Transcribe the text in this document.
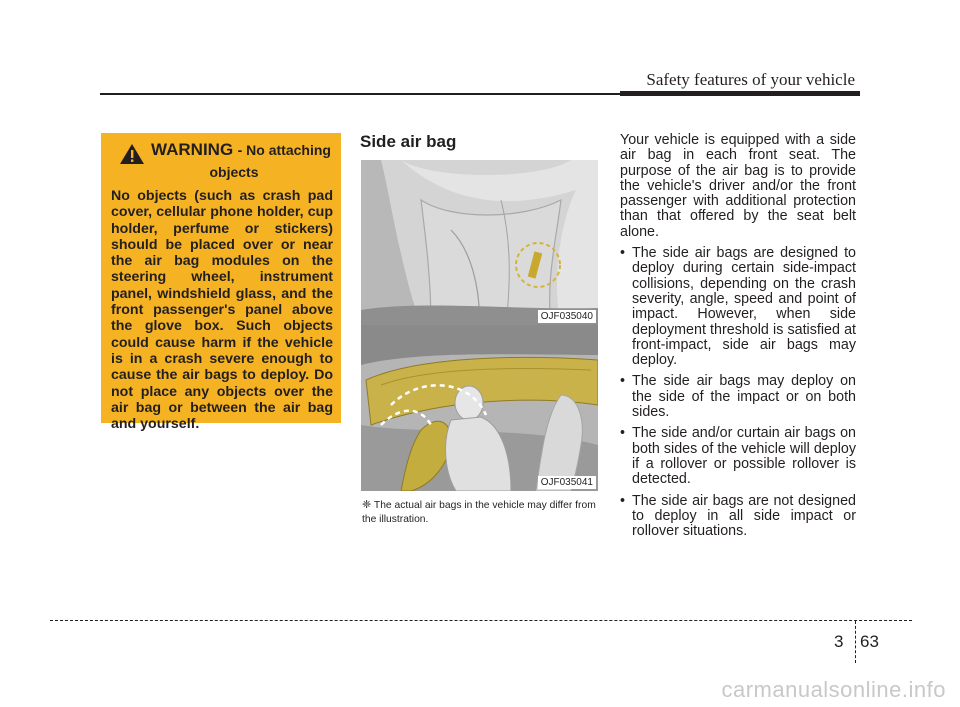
Safety features of your vehicle
WARNING - No attaching
objects
No objects (such as crash pad cover, cellular phone holder, cup holder, perfume or stickers) should be placed over or near the air bag modules on the steering wheel, instrument panel, windshield glass, and the front passenger's panel above the glove box. Such objects could cause harm if the vehicle is in a crash severe enough to cause the air bags to deploy. Do not place any objects over the air bag or between the air bag and yourself.
Side air bag
OJF035040
OJF035041
❈ The actual air bags in the vehicle may differ from the illustration.

Your vehicle is equipped with a side air bag in each front seat. The purpose of the air bag is to provide the vehicle's driver and/or the front passenger with additional protection than that offered by the seat belt alone.

• The side air bags are designed to deploy during certain side-impact collisions, depending on the crash severity, angle, speed and point of impact. However, when side deployment threshold is satisfied at front-impact, side air bags may deploy.
• The side air bags may deploy on the side of the impact or on both sides.
• The side and/or curtain air bags on both sides of the vehicle will deploy if a rollover or possible rollover is detected.
• The side air bags are not designed to deploy in all side impact or rollover situations.
3 63
carmanualsonline.info
